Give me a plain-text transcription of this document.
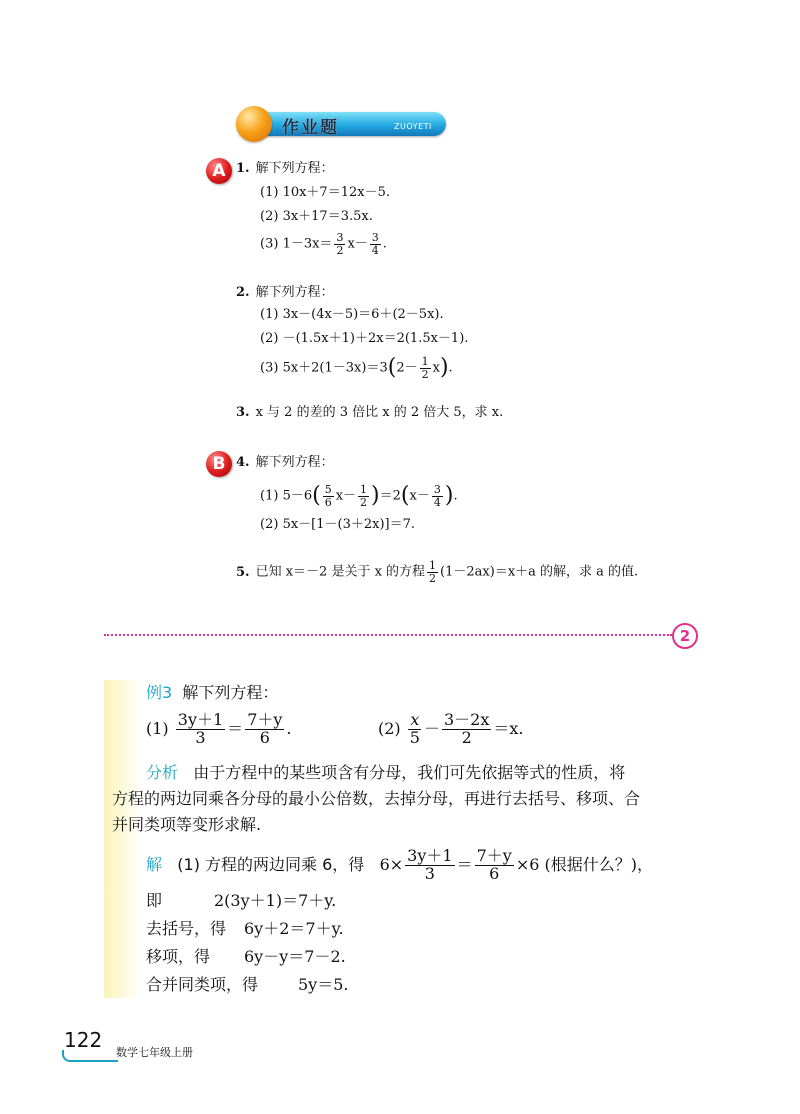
作业题	ZUOYETI
A 1. 解下列方程：
(1) 10x＋7＝12x－5.
(2) 3x＋17＝3.5x.
(3) $1-3x= \frac{3}{2} x- \frac{3}{4}$ .
2. 解下列方程：
(1) 3x－(4x－5)＝6＋(2－5x).
(2) －(1.5x＋1)＋2x＝2(1.5x－1).
(3) $5x+2(1-3x)=3(2- \frac{1}{2} x)$.
3. x 与 2 的差的 3 倍比 x 的 2 倍大 5，求 x.
B 4. 解下列方程：
(1) $5-6( \frac{5}{6} x- \frac{1}{2} )=2(x- \frac{3}{4}$ ).
(2) 5x－[1－(3＋2x)]＝7.
5. 已知 x＝－2 是关于 x 的方程 $\frac{1}{2} (1-2ax)=x+a$ 的解，求 a 的值.
2
例3 解下列方程：
$(1) \frac{3y+1}{3} = \frac{7+y}{6}$ .	$(2) \frac{x}{5} - \frac{3-2x}{2} =x$.
分析 由于方程中的某些项含有分母，我们可先依据等式的性质，将
方程的两边同乘各分母的最小公倍数，去掉分母，再进行去括号、移项、合
并同类项等变形求解.
解 (1) 方程的两边同乘 6，得 $6\times \frac{3y+1}{3} = \frac{7+y}{6} \times 6$ (根据什么？)，
即	2(3y＋1)＝7＋y.
去括号，得 6y＋2＝7＋y.
移项，得 6y－y＝7－2.
合并同类项，得 5y＝5.
122
数学七年级上册
